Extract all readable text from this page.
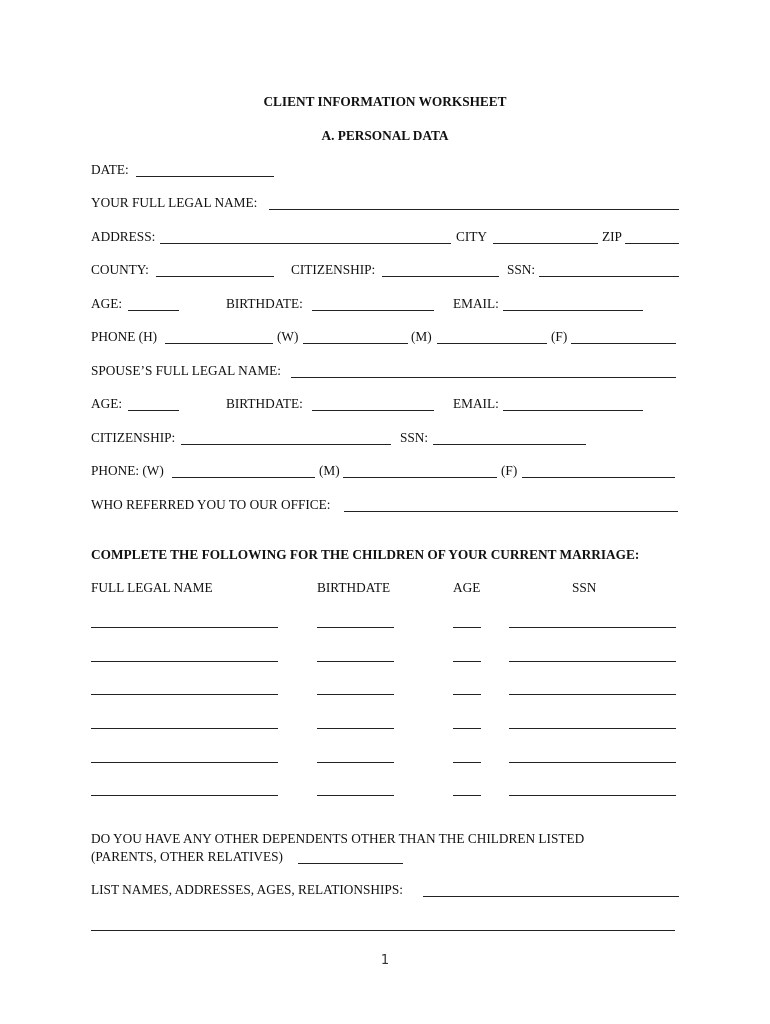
CLIENT INFORMATION WORKSHEET
A. PERSONAL DATA
DATE:
YOUR FULL LEGAL NAME:
ADDRESS:	CITY	ZIP
COUNTY:	CITIZENSHIP:	SSN:
AGE:	BIRTHDATE:	EMAIL:
PHONE (H)	(W)	(M)	(F)
SPOUSE’S FULL LEGAL NAME:
AGE:	BIRTHDATE:	EMAIL:
CITIZENSHIP:	SSN:
PHONE: (W)	(M)	(F)
WHO REFERRED YOU TO OUR OFFICE:
COMPLETE THE FOLLOWING FOR THE CHILDREN OF YOUR CURRENT MARRIAGE:
FULL LEGAL NAME	BIRTHDATE	AGE	SSN
DO YOU HAVE ANY OTHER DEPENDENTS OTHER THAN THE CHILDREN LISTED
(PARENTS, OTHER RELATIVES)
LIST NAMES, ADDRESSES, AGES, RELATIONSHIPS:
1
